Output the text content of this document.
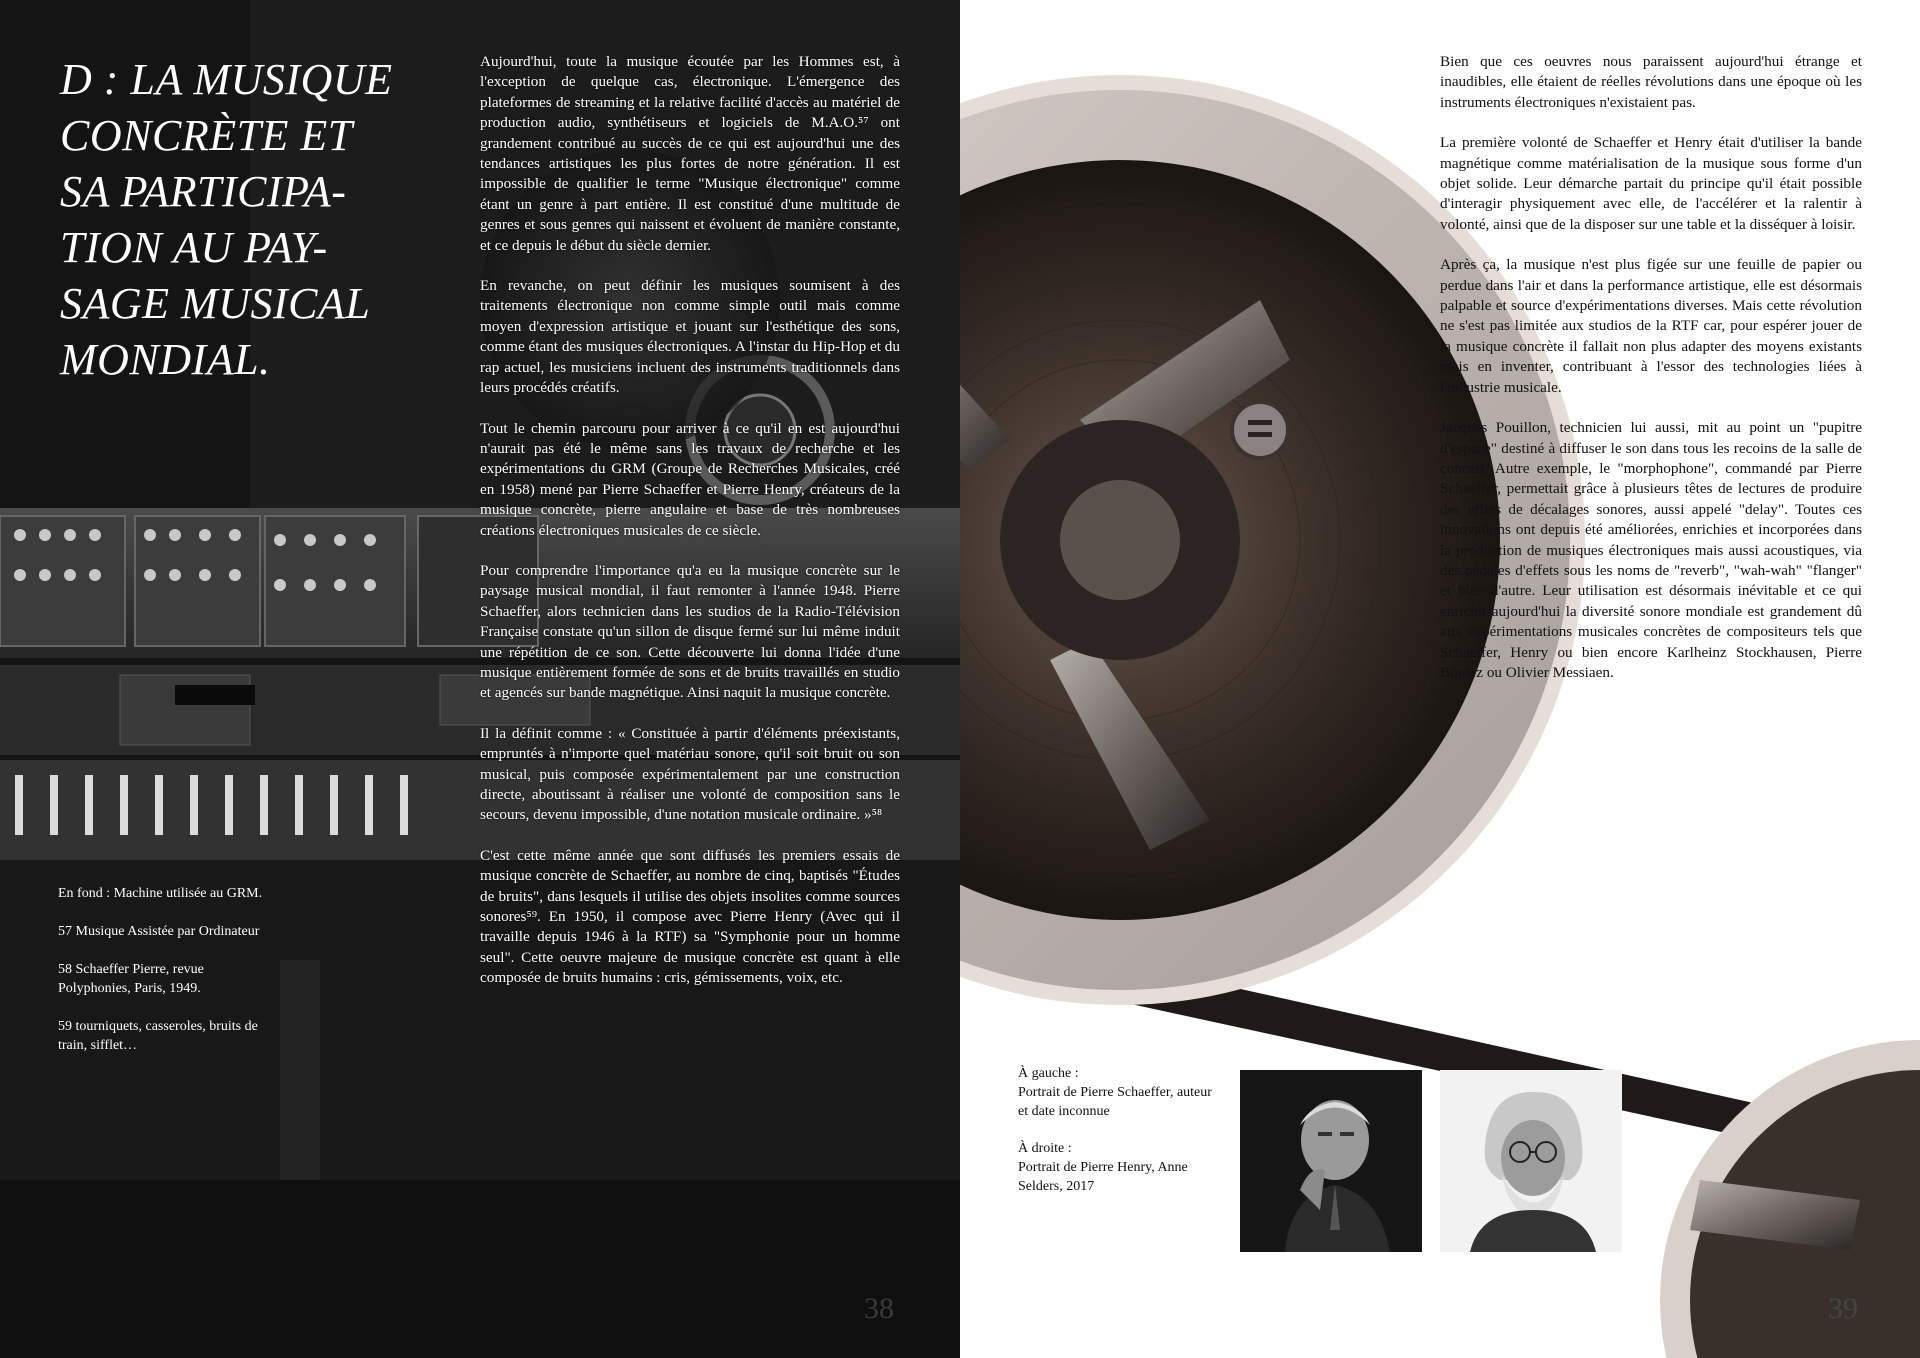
D : LA MUSIQUE
CONCRÈTE ET
SA PARTICIPA-
TION AU PAY-
SAGE MUSICAL
MONDIAL.

Aujourd'hui, toute la musique écoutée par les Hommes est, à l'exception de quelque cas, électronique. L'émergence des plateformes de streaming et la relative facilité d'accès au matériel de production audio, synthétiseurs et logiciels de M.A.O.⁵⁷ ont grandement contribué au succès de ce qui est aujourd'hui une des tendances artistiques les plus fortes de notre génération. Il est impossible de qualifier le terme "Musique électronique" comme étant un genre à part entière. Il est constitué d'une multitude de genres et sous genres qui naissent et évoluent de manière constante, et ce depuis le début du siècle dernier.

En revanche, on peut définir les musiques soumisent à des traitements électronique non comme simple outil mais comme moyen d'expression artistique et jouant sur l'esthétique des sons, comme étant des musiques électroniques. A l'instar du Hip-Hop et du rap actuel, les musiciens incluent des instruments traditionnels dans leurs procédés créatifs.

Tout le chemin parcouru pour arriver à ce qu'il en est aujourd'hui n'aurait pas été le même sans les travaux de recherche et les expérimentations du GRM (Groupe de Recherches Musicales, créé en 1958) mené par Pierre Schaeffer et Pierre Henry, créateurs de la musique concrète, pierre angulaire et base de très nombreuses créations électroniques musicales de ce siècle.

Pour comprendre l'importance qu'a eu la musique concrète sur le paysage musical mondial, il faut remonter à l'année 1948. Pierre Schaeffer, alors technicien dans les studios de la Radio-Télévision Française constate qu'un sillon de disque fermé sur lui même induit une répétition de ce son. Cette découverte lui donna l'idée d'une musique entièrement formée de sons et de bruits travaillés en studio et agencés sur bande magnétique. Ainsi naquit la musique concrète.

Il la définit comme : « Constituée à partir d'éléments préexistants, empruntés à n'importe quel matériau sonore, qu'il soit bruit ou son musical, puis composée expérimentalement par une construction directe, aboutissant à réaliser une volonté de composition sans le secours, devenu impossible, d'une notation musicale ordinaire. »⁵⁸

C'est cette même année que sont diffusés les premiers essais de musique concrète de Schaeffer, au nombre de cinq, baptisés "Études de bruits", dans lesquels il utilise des objets insolites comme sources sonores⁵⁹. En 1950, il compose avec Pierre Henry (Avec qui il travaille depuis 1946 à la RTF) sa "Symphonie pour un homme seul". Cette oeuvre majeure de musique concrète est quant à elle composée de bruits humains : cris, gémissements, voix, etc.

En fond : Machine utilisée au GRM.

57 Musique Assistée par Ordinateur

58 Schaeffer Pierre, revue Polyphonies, Paris, 1949.

59 tourniquets, casseroles, bruits de train, sifflet…

38

Bien que ces oeuvres nous paraissent aujourd'hui étrange et inaudibles, elle étaient de réelles révolutions dans une époque où les instruments électroniques n'existaient pas.

La première volonté de Schaeffer et Henry était d'utiliser la bande magnétique comme matérialisation de la musique sous forme d'un objet solide. Leur démarche partait du principe qu'il était possible d'interagir physiquement avec elle, de l'accélérer et la ralentir à volonté, ainsi que de la disposer sur une table et la disséquer à loisir.

Après ça, la musique n'est plus figée sur une feuille de papier ou perdue dans l'air et dans la performance artistique, elle est désormais palpable et source d'expérimentations diverses. Mais cette révolution ne s'est pas limitée aux studios de la RTF car, pour espérer jouer de la musique concrète il fallait non plus adapter des moyens existants mais en inventer, contribuant à l'essor des technologies liées à l'industrie musicale.

Jacques Pouillon, technicien lui aussi, mit au point un "pupitre d'espace" destiné à diffuser le son dans tous les recoins de la salle de concert. Autre exemple, le "morphophone", commandé par Pierre Schaeffer, permettait grâce à plusieurs têtes de lectures de produire des effets de décalages sonores, aussi appelé "delay". Toutes ces innovations ont depuis été améliorées, enrichies et incorporées dans la production de musiques électroniques mais aussi acoustiques, via des pédales d'effets sous les noms de "reverb", "wah-wah" "flanger" et bien d'autre. Leur utilisation est désormais inévitable et ce qui enrichit aujourd'hui la diversité sonore mondiale est grandement dû aux expérimentations musicales concrètes de compositeurs tels que Schaeffer, Henry ou bien encore Karlheinz Stockhausen, Pierre Boulez ou Olivier Messiaen.

À gauche :
Portrait de Pierre Schaeffer, auteur et date inconnue

À droite :
Portrait de Pierre Henry, Anne Selders, 2017

39
